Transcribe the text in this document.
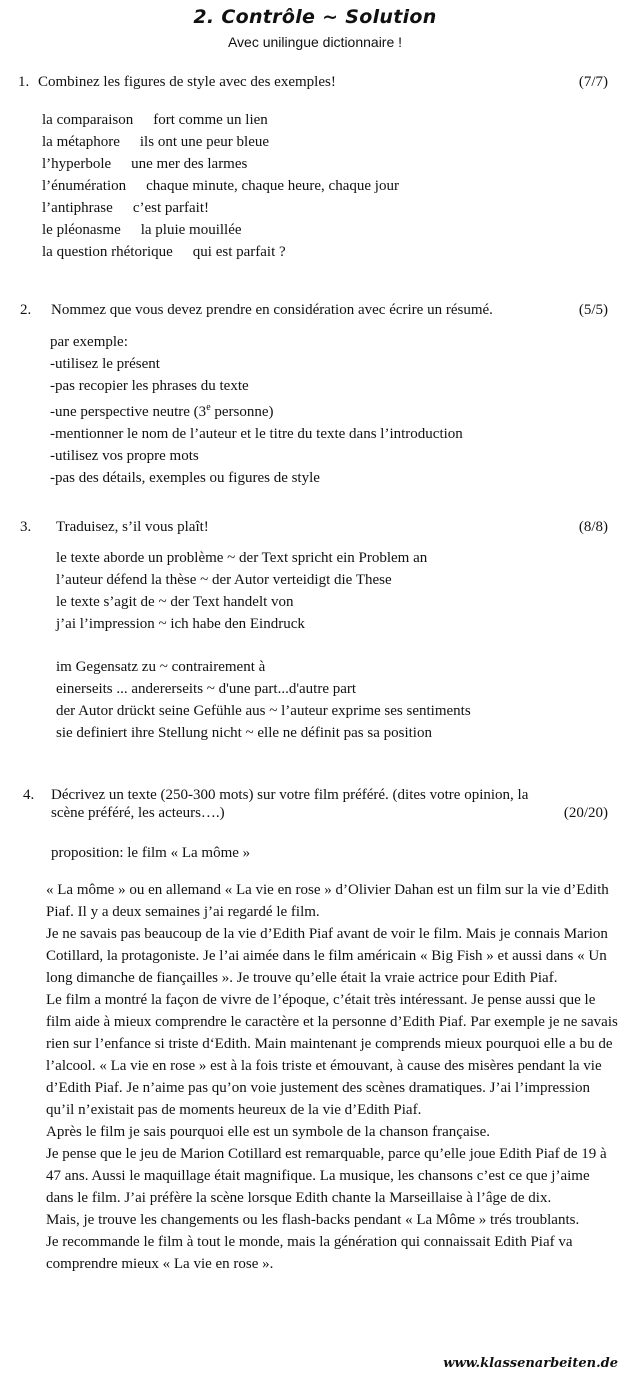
2. Contrôle ~ Solution
Avec unilingue dictionnaire !
1. Combinez les figures de style avec des exemples!	(7/7)
la comparaison fort comme un lien
la métaphore ils ont une peur bleue
l’hyperbole une mer des larmes
l’énumération chaque minute, chaque heure, chaque jour
l’antiphrase c’est parfait!
le pléonasme la pluie mouillée
la question rhétorique qui est parfait ?
2. Nommez que vous devez prendre en considération avec écrire un résumé.	(5/5)
par exemple:
-utilisez le présent
-pas recopier les phrases du texte
-une perspective neutre (3e personne)
-mentionner le nom de l’auteur et le titre du texte dans l’introduction
-utilisez vos propre mots
-pas des détails, exemples ou figures de style
3. Traduisez, s’il vous plaît!	(8/8)
le texte aborde un problème ~ der Text spricht ein Problem an
l’auteur défend la thèse ~ der Autor verteidigt die These
le texte s’agit de ~ der Text handelt von
j’ai l’impression ~ ich habe den Eindruck
im Gegensatz zu ~ contrairement à
einerseits ... andererseits ~ d'une part...d'autre part
der Autor drückt seine Gefühle aus ~ l’auteur exprime ses sentiments
sie definiert ihre Stellung nicht ~ elle ne définit pas sa position
4. Décrivez un texte (250-300 mots) sur votre film préféré. (dites votre opinion, la
scène préféré, les acteurs….)	(20/20)
proposition: le film « La môme »

« La môme » ou en allemand « La vie en rose » d’Olivier Dahan est un film sur la vie d’Edith Piaf. Il y a deux semaines j’ai regardé le film.

Je ne savais pas beaucoup de la vie d’Edith Piaf avant de voir le film. Mais je connais Marion Cotillard, la protagoniste. Je l’ai aimée dans le film américain « Big Fish » et aussi dans « Un long dimanche de fiançailles ». Je trouve qu’elle était la vraie actrice pour Edith Piaf.

Le film a montré la façon de vivre de l’époque, c’était très intéressant. Je pense aussi que le film aide à mieux comprendre le caractère et la personne d’Edith Piaf. Par exemple je ne savais rien sur l’enfance si triste d‘Edith. Main maintenant je comprends mieux pourquoi elle a bu de l’alcool. « La vie en rose » est à la fois triste et émouvant, à cause des misères pendant la vie d’Edith Piaf. Je n’aime pas qu’on voie justement des scènes dramatiques. J’ai l’impression qu’il n’existait pas de moments heureux de la vie d’Edith Piaf.

Après le film je sais pourquoi elle est un symbole de la chanson française.

Je pense que le jeu de Marion Cotillard est remarquable, parce qu’elle joue Edith Piaf de 19 à 47 ans. Aussi le maquillage était magnifique. La musique, les chansons c’est ce que j’aime dans le film. J’ai préfère la scène lorsque Edith chante la Marseillaise à l’âge de dix.

Mais, je trouve les changements ou les flash-backs pendant « La Môme » trés troublants.

Je recommande le film à tout le monde, mais la génération qui connaissait Edith Piaf va comprendre mieux « La vie en rose ».

www.klassenarbeiten.de
